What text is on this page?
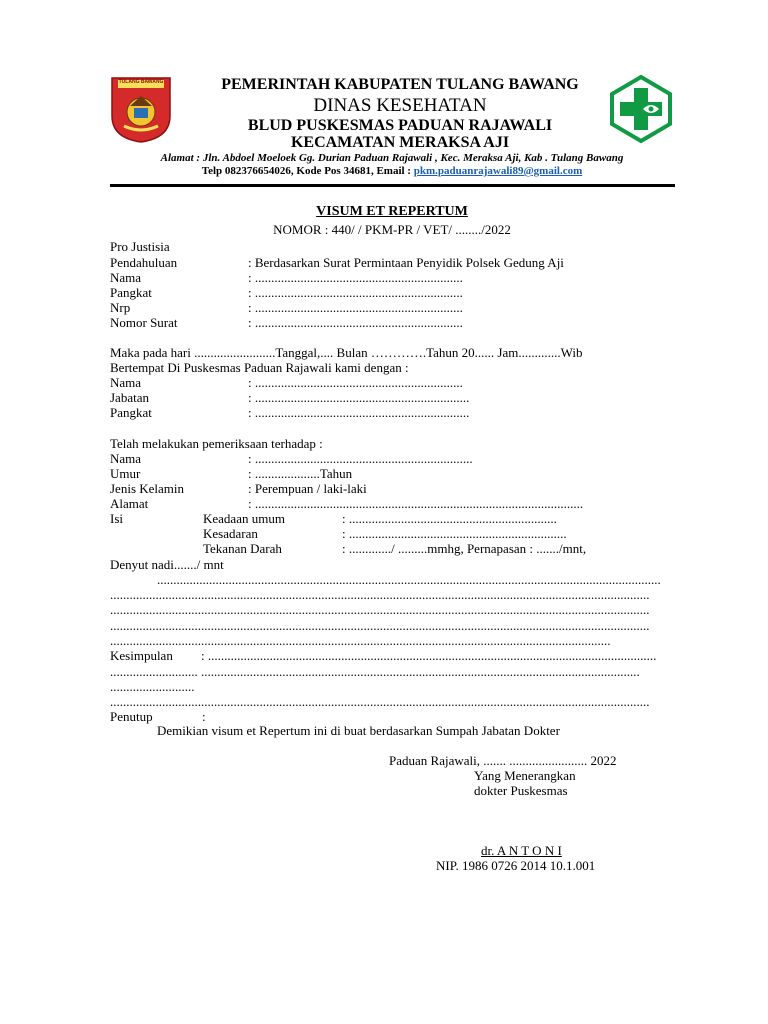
TULANG BAWANG	PEMERINTAH KABUPATEN TULANG BAWANG
DINAS KESEHATAN
BLUD PUSKESMAS PADUAN RAJAWALI
KECAMATAN MERAKSA AJI
Alamat : Jln. Abdoel Moeloek Gg. Durian Paduan Rajawali , Kec. Meraksa Aji, Kab . Tulang Bawang
Telp 082376654026, Kode Pos 34681, Email : pkm.paduanrajawali89@gmail.com
VISUM ET REPERTUM
NOMOR : 440/ / PKM-PR / VET/ ......../2022
Pro Justisia
Pendahuluan	: Berdasarkan Surat Permintaan Penyidik Polsek Gedung Aji
Nama	: ................................................................
Pangkat	: ................................................................
Nrp	: ................................................................
Nomor Surat	: ................................................................
Maka pada hari .........................Tanggal,.... Bulan ………….Tahun 20...... Jam.............Wib
Bertempat Di Puskesmas Paduan Rajawali kami dengan :
Nama	: ................................................................
Jabatan	: ..................................................................
Pangkat	: ..................................................................
Telah melakukan pemeriksaan terhadap :
Nama	: ...................................................................
Umur	: ....................Tahun
Jenis Kelamin	: Perempuan / laki-laki
Alamat	: .....................................................................................................
Isi	Keadaan umum	: ................................................................
Kesadaran	: ...................................................................
Tekanan Darah	: ............./ .........mmhg, Pernapasan : ......./mnt,
Denyut nadi......./ mnt
...........................................................................................................................................................
......................................................................................................................................................................
......................................................................................................................................................................
......................................................................................................................................................................
..........................................................................................................................................................
Kesimpulan : ..........................................................................................................................................
........................... .......................................................................................................................................
..........................
......................................................................................................................................................................
Penutup	:
Demikian visum et Repertum ini di buat berdasarkan Sumpah Jabatan Dokter
Paduan Rajawali, ....... ........................ 2022
Yang Menerangkan
dokter Puskesmas
dr. A N T O N I
NIP. 1986 0726 2014 10.1.001
